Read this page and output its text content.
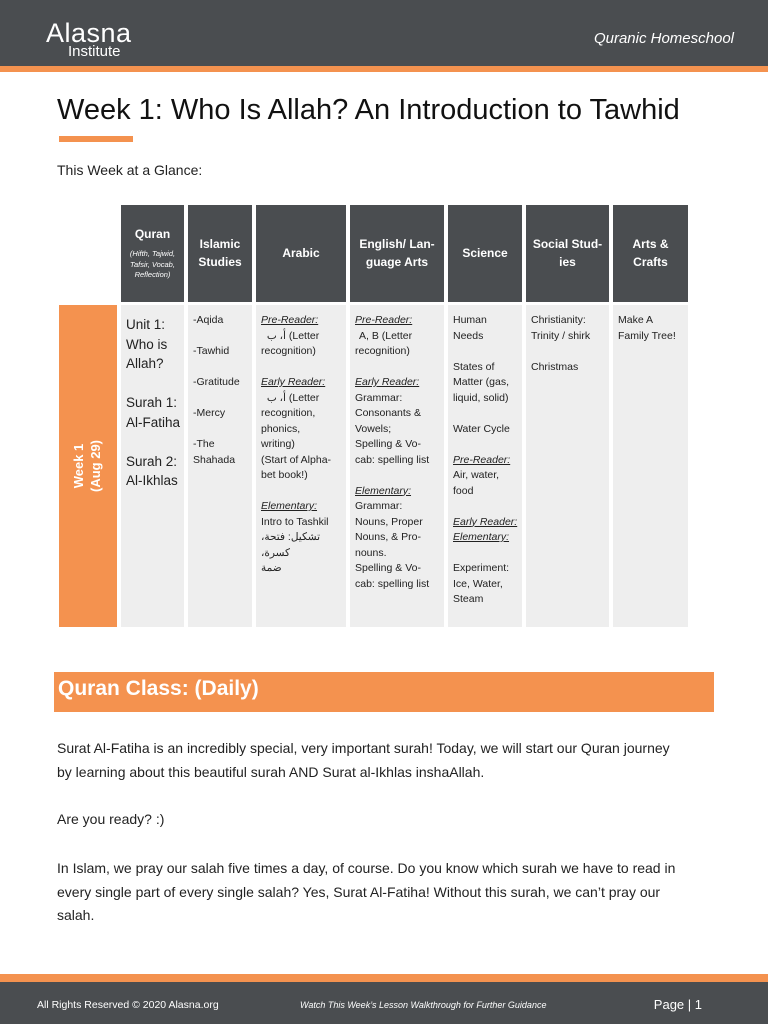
Alasna
Institute
Quranic Homeschool
Week 1: Who Is Allah? An Introduction to Tawhid
This Week at a Glance:
Quran
(Hifth, Tajwid, Tafsir, Vocab, Reflection)
Islamic Studies
Arabic
English/ Lan-guage Arts
Science
Social Stud-ies
Arts & Crafts
Week 1 (Aug 29)

Unit 1:

Who is

Allah?

Surah 1:

Al-Fatiha

Surah 2:

Al-Ikhlas

-Aqida

-Tawhid

-Gratitude

-Mercy

-The

Shahada

Pre-Reader:

أ، ب (Letter

recognition)

Early Reader:

أ، ب (Letter

recognition,

phonics,

writing)

(Start of Alpha-

bet book!)

Elementary:

Intro to Tashkil

تشكيل: فتحة، كسرة،

ضمة

Pre-Reader:

A, B (Letter

recognition)

Early Reader:

Grammar:

Consonants &

Vowels;

Spelling & Vo-

cab: spelling list

Elementary:

Grammar:

Nouns, Proper

Nouns, & Pro-

nouns.

Spelling & Vo-

cab: spelling list

Human

Needs

States of

Matter (gas,

liquid, solid)

Water Cycle

Pre-Reader:

Air, water,

food

Early Reader:

Elementary:

Experiment:

Ice, Water,

Steam

Christianity:

Trinity / shirk

Christmas

Make A

Family Tree!

Quran Class: (Daily)

Surat Al-Fatiha is an incredibly special, very important surah! Today, we will start our Quran journey
by learning about this beautiful surah AND Surat al-Ikhlas inshaAllah.

Are you ready? :)

In Islam, we pray our salah five times a day, of course. Do you know which surah we have to read in
every single part of every single salah? Yes, Surat Al-Fatiha! Without this surah, we can’t pray our
salah.

All Rights Reserved © 2020 Alasna.org	Watch This Week’s Lesson Walkthrough for Further Guidance	Page | 1
